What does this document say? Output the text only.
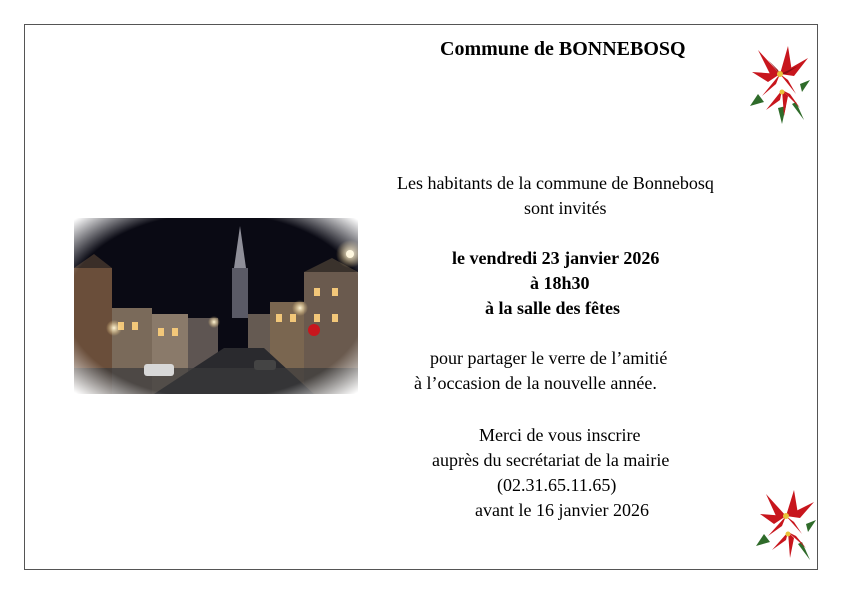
Commune de BONNEBOSQ
Les habitants de la commune de Bonnebosq
sont invités
le vendredi 23 janvier 2026
à 18h30
à la salle des fêtes
pour partager le verre de l’amitié
à l’occasion de la nouvelle année.
Merci de vous inscrire
auprès du secrétariat de la mairie
(02.31.65.11.65)
avant le 16 janvier 2026
